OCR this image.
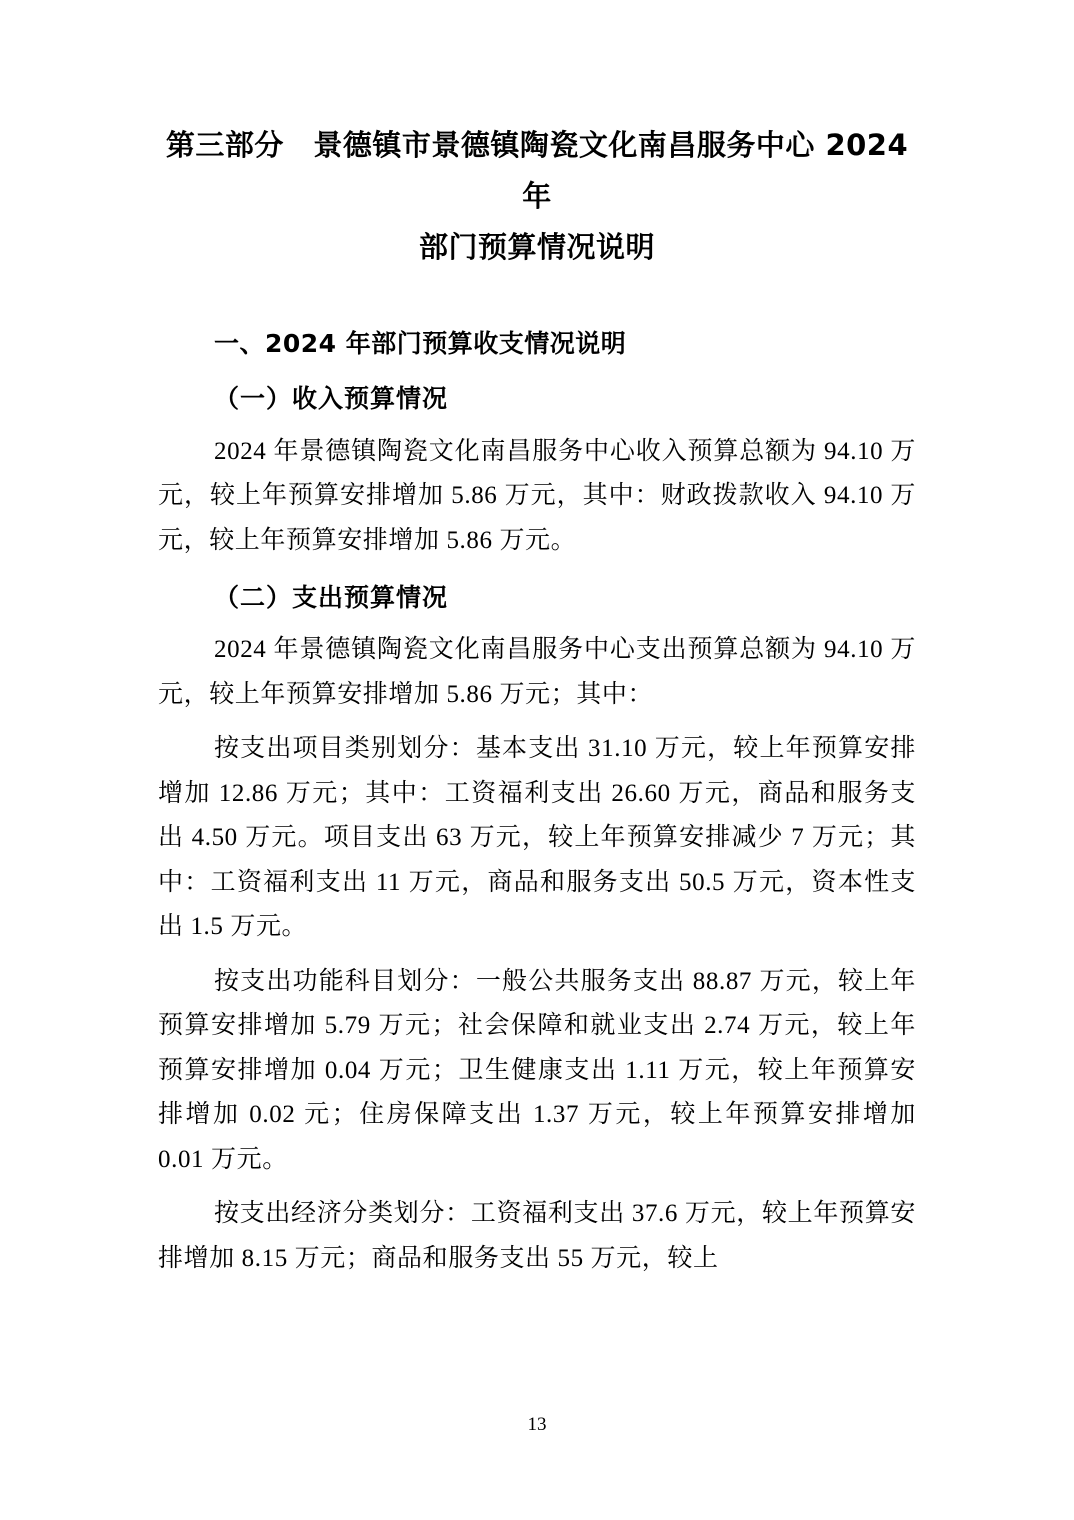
第三部分　景德镇市景德镇陶瓷文化南昌服务中心 2024 年
部门预算情况说明
一、2024 年部门预算收支情况说明
（一）收入预算情况

2024 年景德镇陶瓷文化南昌服务中心收入预算总额为 94.10 万元，较上年预算安排增加 5.86 万元，其中：财政拨款收入 94.10 万元，较上年预算安排增加 5.86 万元。

（二）支出预算情况

2024 年景德镇陶瓷文化南昌服务中心支出预算总额为 94.10 万元，较上年预算安排增加 5.86 万元；其中：

按支出项目类别划分：基本支出 31.10 万元，较上年预算安排增加 12.86 万元；其中：工资福利支出 26.60 万元，商品和服务支出 4.50 万元。项目支出 63 万元，较上年预算安排减少 7 万元；其中：工资福利支出 11 万元，商品和服务支出 50.5 万元，资本性支出 1.5 万元。

按支出功能科目划分：一般公共服务支出 88.87 万元，较上年预算安排增加 5.79 万元；社会保障和就业支出 2.74 万元，较上年预算安排增加 0.04 万元；卫生健康支出 1.11 万元，较上年预算安排增加 0.02 元；住房保障支出 1.37 万元，较上年预算安排增加 0.01 万元。

按支出经济分类划分：工资福利支出 37.6 万元，较上年预算安排增加 8.15 万元；商品和服务支出 55 万元，较上

13
